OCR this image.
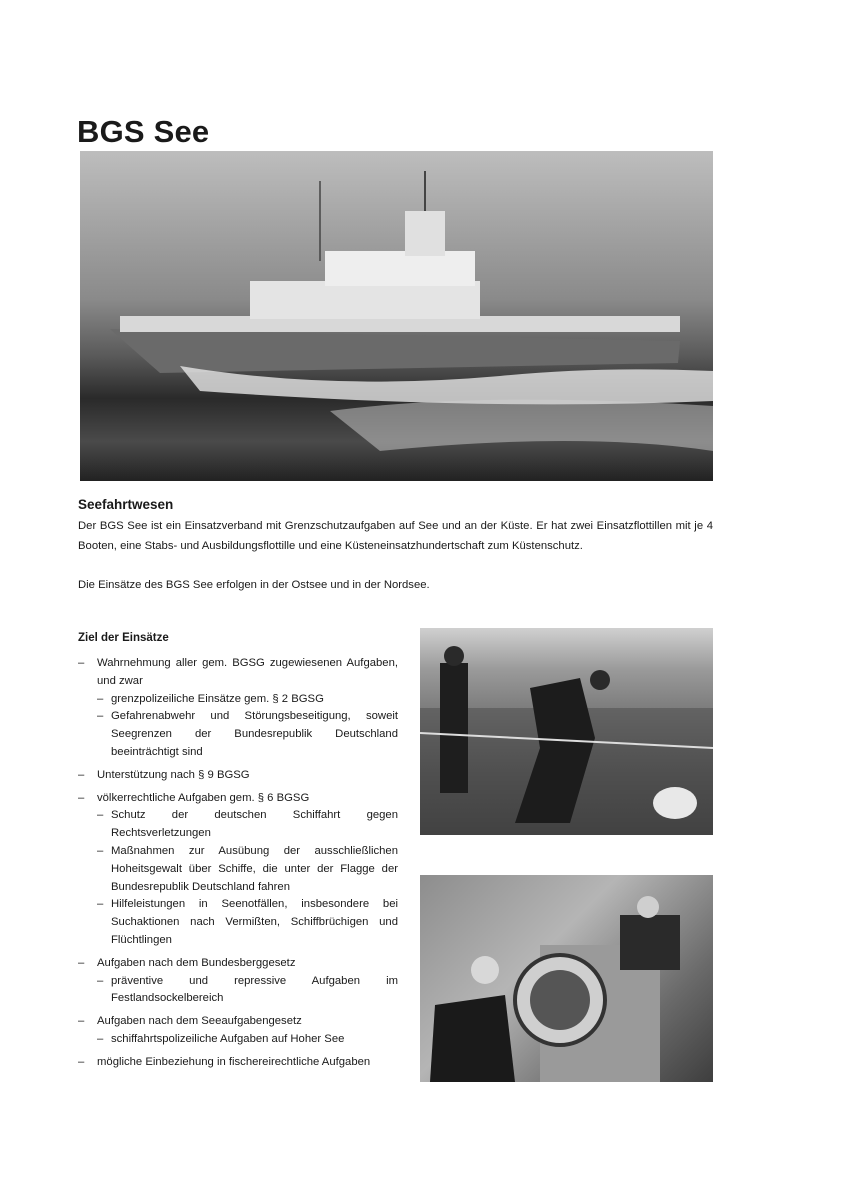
BGS See
Seefahrtwesen

Der BGS See ist ein Einsatzverband mit Grenzschutzaufgaben auf See und an der Küste. Er hat zwei Einsatzflottillen mit je 4 Booten, eine Stabs- und Ausbildungsflottille und eine Küsteneinsatzhundertschaft zum Küstenschutz.

Die Einsätze des BGS See erfolgen in der Ostsee und in der Nordsee.

Ziel der Einsätze
– Wahrnehmung aller gem. BGSG zugewiesenen Aufgaben, und zwar
– grenzpolizeiliche Einsätze gem. § 2 BGSG
– Gefahrenabwehr und Störungsbeseitigung, soweit Seegrenzen der Bundesrepublik Deutschland beeinträchtigt sind
– Unterstützung nach § 9 BGSG
– völkerrechtliche Aufgaben gem. § 6 BGSG
– Schutz der deutschen Schiffahrt gegen Rechtsverletzungen
– Maßnahmen zur Ausübung der ausschließlichen Hoheitsgewalt über Schiffe, die unter der Flagge der Bundesrepublik Deutschland fahren
– Hilfeleistungen in Seenotfällen, insbesondere bei Suchaktionen nach Vermißten, Schiffbrüchigen und Flüchtlingen
– Aufgaben nach dem Bundesberggesetz
– präventive und repressive Aufgaben im Festlandsockelbereich
– Aufgaben nach dem Seeaufgabengesetz
– schiffahrtspolizeiliche Aufgaben auf Hoher See
– mögliche Einbeziehung in fischereirechtliche Aufgaben
